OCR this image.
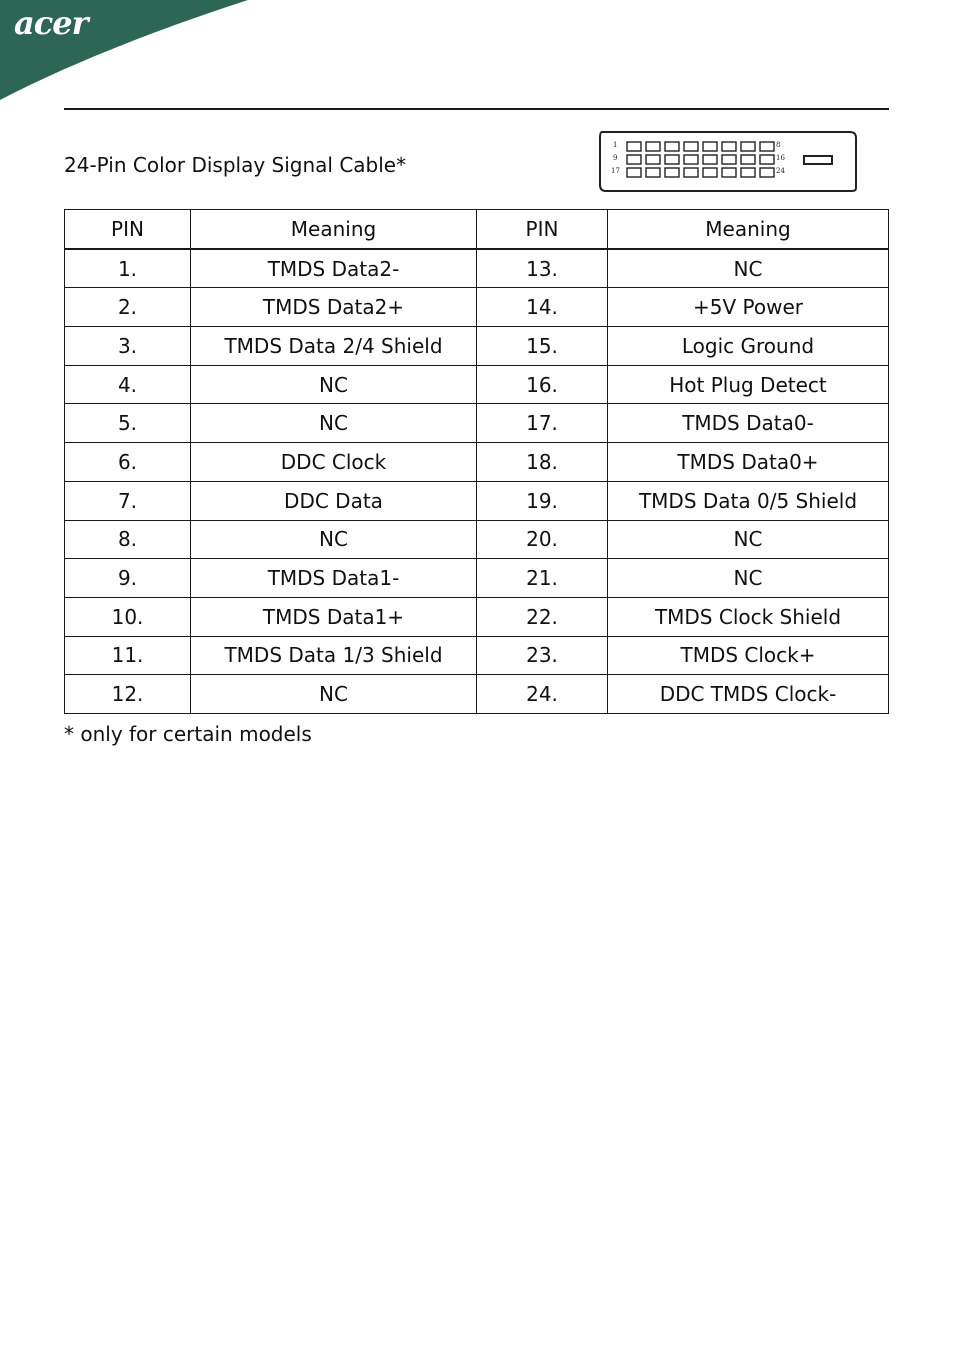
acer
24-Pin Color Display Signal Cable*
1
9
17
8
16
24
PIN	Meaning	PIN	Meaning
1.	TMDS Data2-	13.	NC
2.	TMDS Data2+	14.	+5V Power
3.	TMDS Data 2/4 Shield	15.	Logic Ground
4.	NC	16.	Hot Plug Detect
5.	NC	17.	TMDS Data0-
6.	DDC Clock	18.	TMDS Data0+
7.	DDC Data	19.	TMDS Data 0/5 Shield
8.	NC	20.	NC
9.	TMDS Data1-	21.	NC
10.	TMDS Data1+	22.	TMDS Clock Shield
11.	TMDS Data 1/3 Shield	23.	TMDS Clock+
12.	NC	24.	DDC TMDS Clock-
* only for certain models
